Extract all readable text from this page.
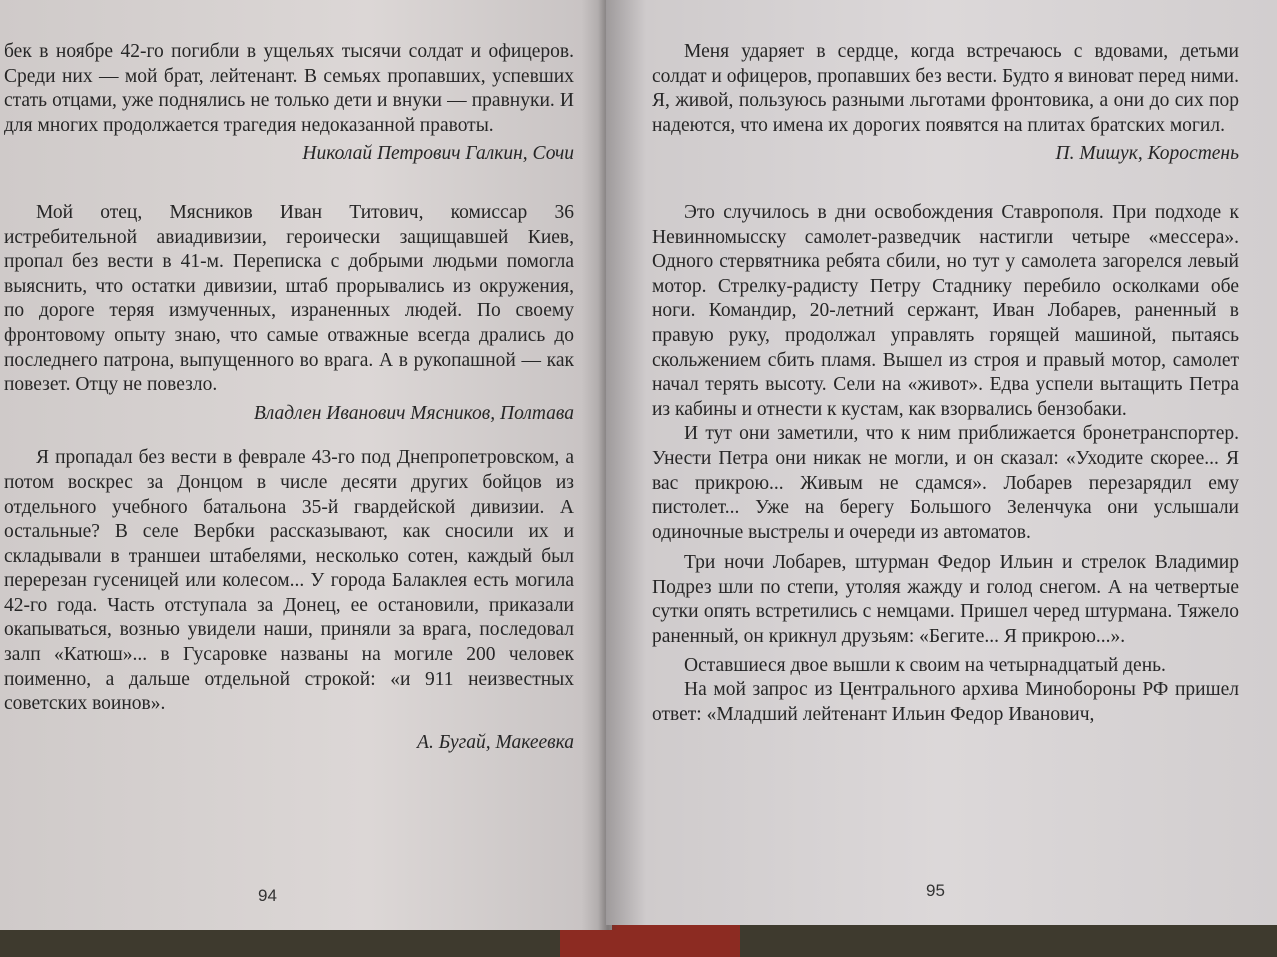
бек в ноябре 42-го погибли в ущельях тысячи солдат и офицеров. Среди них — мой брат, лейтенант. В семьях пропавших, успевших стать отцами, уже поднялись не только дети и внуки — правнуки. И для многих продолжается трагедия недоказанной правоты.

Николай Петрович Галкин, Сочи

Мой отец, Мясников Иван Титович, комиссар 36 истребительной авиадивизии, героически защищавшей Киев, пропал без вести в 41-м. Переписка с добрыми людьми помогла выяснить, что остатки дивизии, штаб прорывались из окружения, по дороге теряя измученных, израненных людей. По своему фронтовому опыту знаю, что самые отважные всегда дрались до последнего патрона, выпущенного во врага. А в рукопашной — как повезет. Отцу не повезло.

Владлен Иванович Мясников, Полтава

Я пропадал без вести в феврале 43-го под Днепропетровском, а потом воскрес за Донцом в числе десяти других бойцов из отдельного учебного батальона 35-й гвардейской дивизии. А остальные? В селе Вербки рассказывают, как сносили их и складывали в траншеи штабелями, несколько сотен, каждый был перерезан гусеницей или колесом... У города Балаклея есть могила 42-го года. Часть отступала за Донец, ее остановили, приказали окапываться, вознью увидели наши, приняли за врага, последовал залп «Катюш»... в Гусаровке названы на могиле 200 человек поименно, а дальше отдельной строкой: «и 911 неизвестных советских воинов».

А. Бугай, Макеевка
94

Меня ударяет в сердце, когда встречаюсь с вдовами, детьми солдат и офицеров, пропавших без вести. Будто я виноват перед ними. Я, живой, пользуюсь разными льготами фронтовика, а они до сих пор надеются, что имена их дорогих появятся на плитах братских могил.

П. Мишук, Коростень

Это случилось в дни освобождения Ставрополя. При подходе к Невинномысску самолет-разведчик настигли четыре «мессера». Одного стервятника ребята сбили, но тут у самолета загорелся левый мотор. Стрелку-радисту Петру Стаднику перебило осколками обе ноги. Командир, 20-летний сержант, Иван Лобарев, раненный в правую руку, продолжал управлять горящей машиной, пытаясь скольжением сбить пламя. Вышел из строя и правый мотор, самолет начал терять высоту. Сели на «живот». Едва успели вытащить Петра из кабины и отнести к кустам, как взорвались бензобаки.

И тут они заметили, что к ним приближается бронетранспортер. Унести Петра они никак не могли, и он сказал: «Уходите скорее... Я вас прикрою... Живым не сдамся». Лобарев перезарядил ему пистолет... Уже на берегу Большого Зеленчука они услышали одиночные выстрелы и очереди из автоматов.

Три ночи Лобарев, штурман Федор Ильин и стрелок Владимир Подрез шли по степи, утоляя жажду и голод снегом. А на четвертые сутки опять встретились с немцами. Пришел черед штурмана. Тяжело раненный, он крикнул друзьям: «Бегите... Я прикрою...».

Оставшиеся двое вышли к своим на четырнадцатый день.

На мой запрос из Центрального архива Минобороны РФ пришел ответ: «Младший лейтенант Ильин Федор Иванович,

95
